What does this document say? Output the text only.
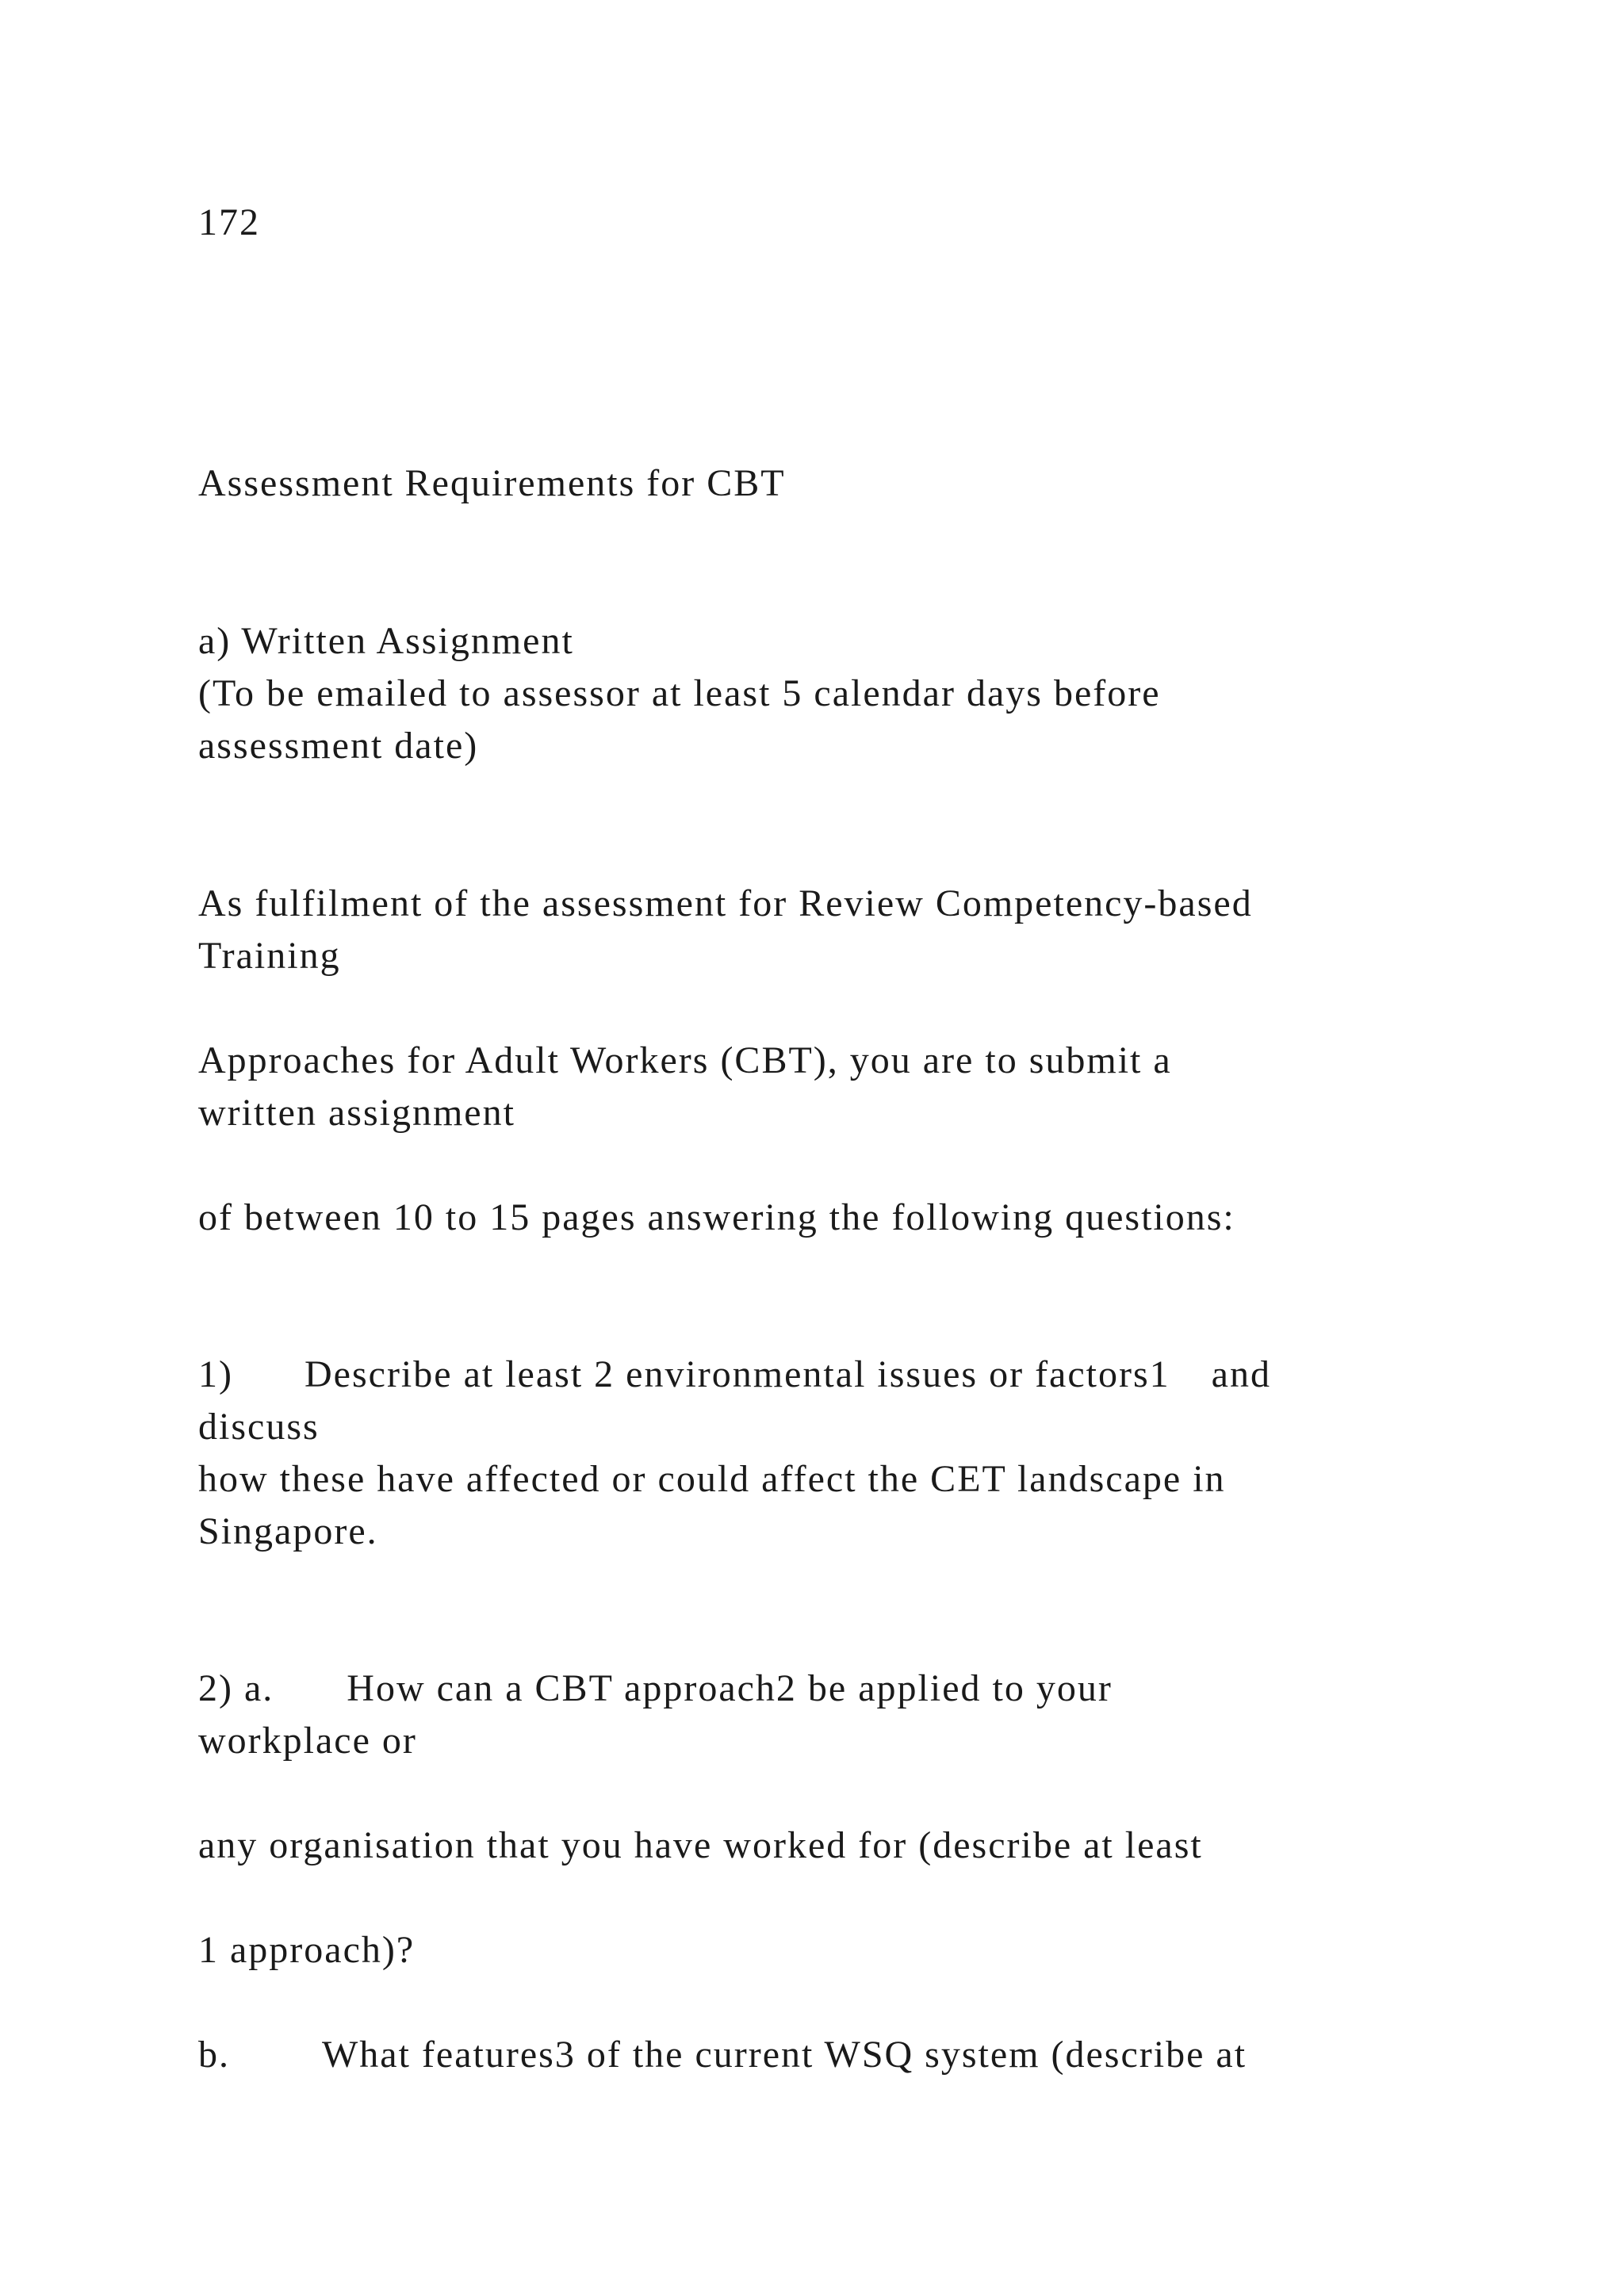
172

Assessment Requirements for CBT

a) Written Assignment

(To be emailed to assessor at least 5 calendar days before

assessment date)

As fulfilment of the assessment for Review Competency-based

Training

Approaches for Adult Workers (CBT), you are to submit a

written assignment

of between 10 to 15 pages answering the following questions:

1) Describe at least 2 environmental issues or factors1 and

discuss

how these have affected or could affect the CET landscape in

Singapore.

2) a. How can a CBT approach2 be applied to your

workplace or

any organisation that you have worked for (describe at least

1 approach)?

b. What features3 of the current WSQ system (describe at
